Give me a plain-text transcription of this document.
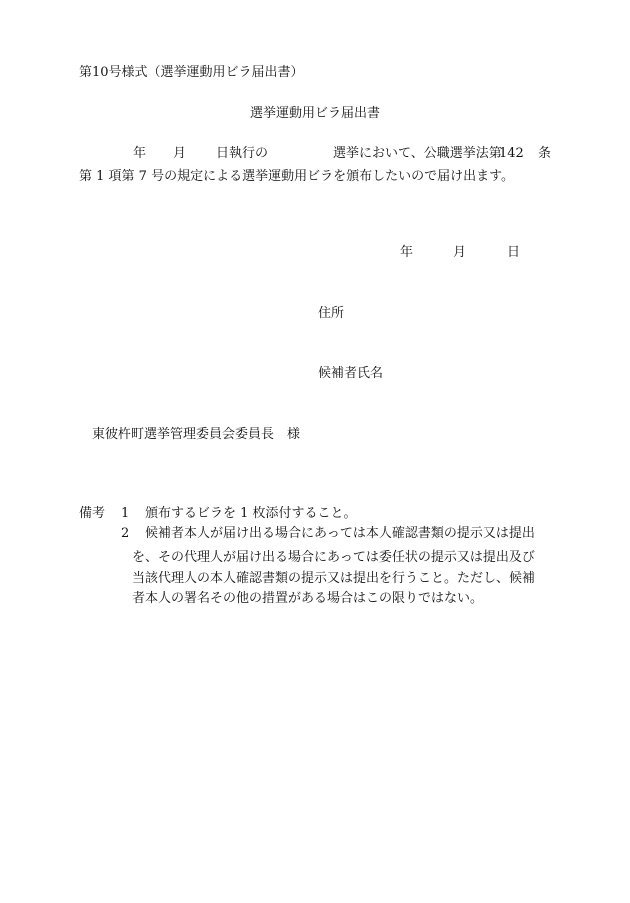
第10号様式（選挙運動用ビラ届出書）
選挙運動用ビラ届出書
年 月 日執行の	選挙において、公職選挙法第
142 条
第 1 項第 7 号の規定による選挙運動用ビラを頒布したいので届け出ます。
年	月	日
住所
候補者氏名
東彼杵町選挙管理委員会委員長　様
備考 1 頒布するビラを 1 枚添付すること。
2 候補者本人が届け出る場合にあっては本人確認書類の提示又は提出
を、その代理人が届け出る場合にあっては委任状の提示又は提出及び
当該代理人の本人確認書類の提示又は提出を行うこと。ただし、候補
者本人の署名その他の措置がある場合はこの限りではない。
